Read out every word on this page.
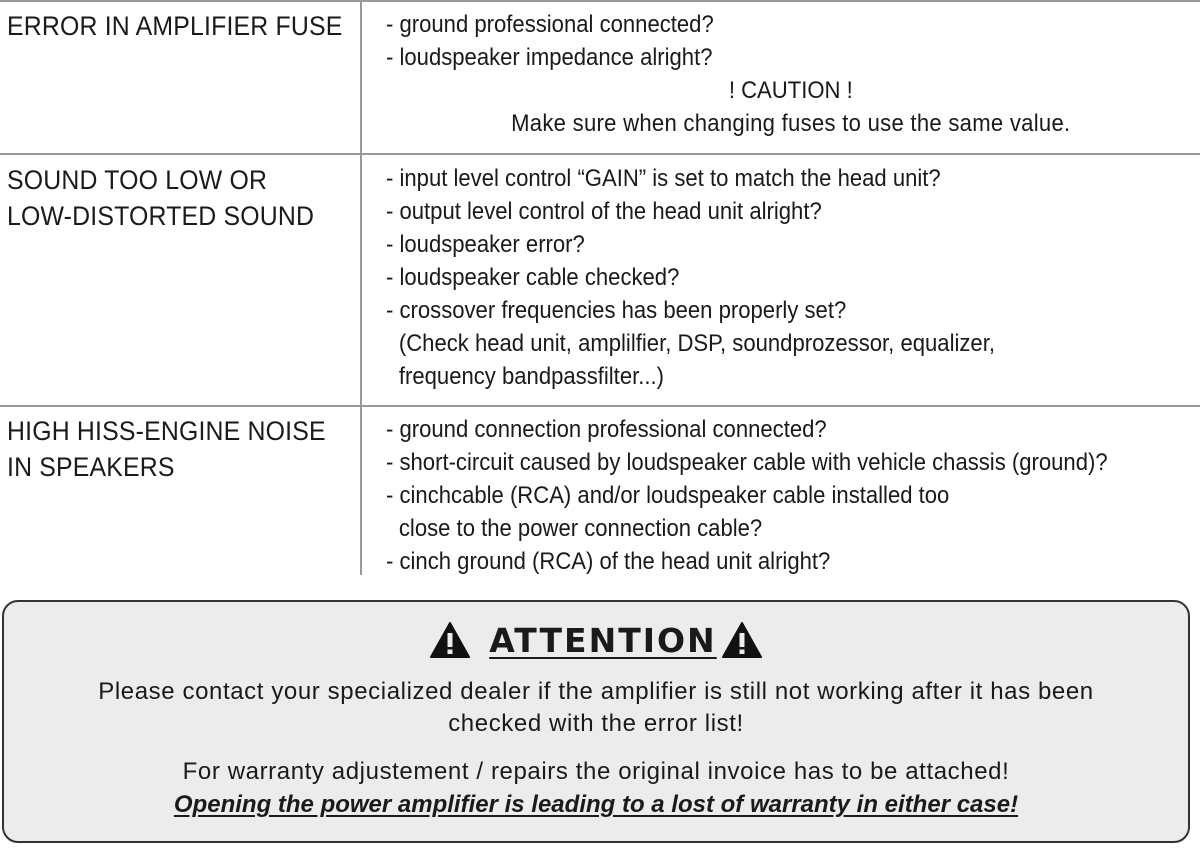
ERROR IN AMPLIFIER FUSE - ground professional connected?
- loudspeaker impedance alright?
! CAUTION !
Make sure when changing fuses to use the same value.
SOUND TOO LOW OR
LOW-DISTORTED SOUND
- input level control “GAIN” is set to match the head unit?
- output level control of the head unit alright?
- loudspeaker error?
- loudspeaker cable checked?
- crossover frequencies has been properly set?
(Check head unit, amplilfier, DSP, soundprozessor, equalizer,
frequency bandpassfilter...)
HIGH HISS-ENGINE NOISE
IN SPEAKERS
- ground connection professional connected?
- short-circuit caused by loudspeaker cable with vehicle chassis (ground)?
- cinchcable (RCA) and/or loudspeaker cable installed too
close to the power connection cable?
- cinch ground (RCA) of the head unit alright?
ATTENTION
Please contact your specialized dealer if the amplifier is still not working after it has been
checked with the error list!
For warranty adjustement / repairs the original invoice has to be attached!
Opening the power amplifier is leading to a lost of warranty in either case!
